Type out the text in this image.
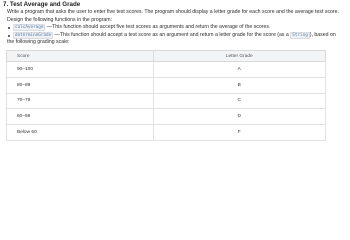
7. Test Average and Grade
Write a program that asks the user to enter five test scores. The program should display a letter grade for each score and the average test score.
Design the following functions in the program:
calcAverage —This function should accept five test scores as arguments and return the average of the scores.
determineGrade —This function should accept a test score as an argument and return a letter grade for the score (as a String ), based on
the following grading scale:
Score	Letter Grade
90–100	A
80–89	B
70–79	C
60–69	D
Below 60	F
